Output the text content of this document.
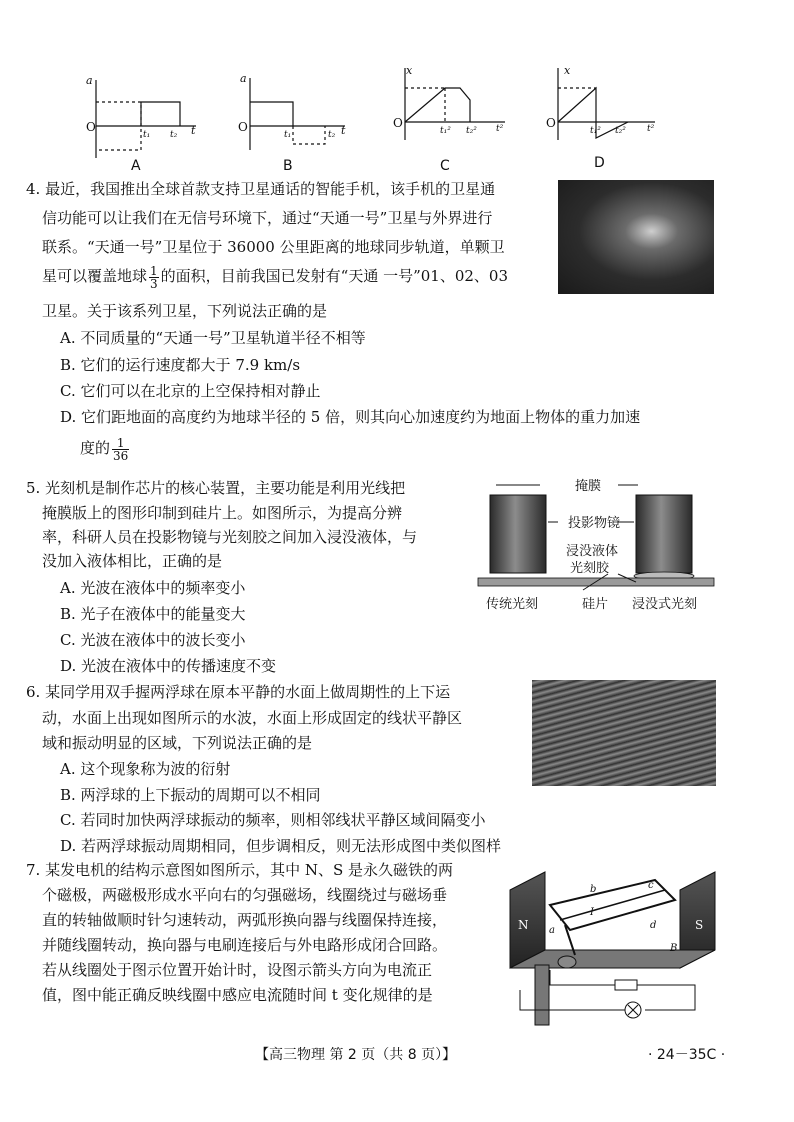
a	a
x	x
O	O	O	O
t₁ t₂ t	t₁	t₂ t	t₁² t₂² t²	t₁² t₂² t²
A	B	C	D
4. 最近，我国推出全球首款支持卫星通话的智能手机，该手机的卫星通
信功能可以让我们在无信号环境下，通过“天通一号”卫星与外界进行
联系。“天通一号”卫星位于 36000 公里距离的地球同步轨道，单颗卫
星可以覆盖地球 $\frac{1}{3}$ 的面积，目前我国已发射有“天通 一号”01、02、03
卫星。关于该系列卫星，下列说法正确的是
A. 不同质量的“天通一号”卫星轨道半径不相等
B. 它们的运行速度都大于 7.9 km/s
C. 它们可以在北京的上空保持相对静止
D. 它们距地面的高度约为地球半径的 5 倍，则其向心加速度约为地面上物体的重力加速
度的 $\frac{1}{36}$
5. 光刻机是制作芯片的核心装置，主要功能是利用光线把
掩膜版上的图形印制到硅片上。如图所示，为提高分辨
率，科研人员在投影物镜与光刻胶之间加入浸没液体，与
没加入液体相比，正确的是
A. 光波在液体中的频率变小
B. 光子在液体中的能量变大
C. 光波在液体中的波长变小
D. 光波在液体中的传播速度不变
掩膜
投影物镜
浸没液体
光刻胶
传统光刻	硅片 浸没式光刻
6. 某同学用双手握两浮球在原本平静的水面上做周期性的上下运
动，水面上出现如图所示的水波，水面上形成固定的线状平静区
域和振动明显的区域，下列说法正确的是
A. 这个现象称为波的衍射
B. 两浮球的上下振动的周期可以不相同
C. 若同时加快两浮球振动的频率，则相邻线状平静区域间隔变小
D. 若两浮球振动周期相同，但步调相反，则无法形成图中类似图样
7. 某发电机的结构示意图如图所示，其中 N、S 是永久磁铁的两
个磁极，两磁极形成水平向右的匀强磁场，线圈绕过与磁场垂
直的转轴做顺时针匀速转动，两弧形换向器与线圈保持连接，
并随线圈转动，换向器与电刷连接后与外电路形成闭合回路。
若从线圈处于图示位置开始计时，设图示箭头方向为电流正
值，图中能正确反映线圈中感应电流随时间 t 变化规律的是
N	S
a
b	c
d
I
B
【高三物理 第 2 页（共 8 页）】	· 24－35C ·
